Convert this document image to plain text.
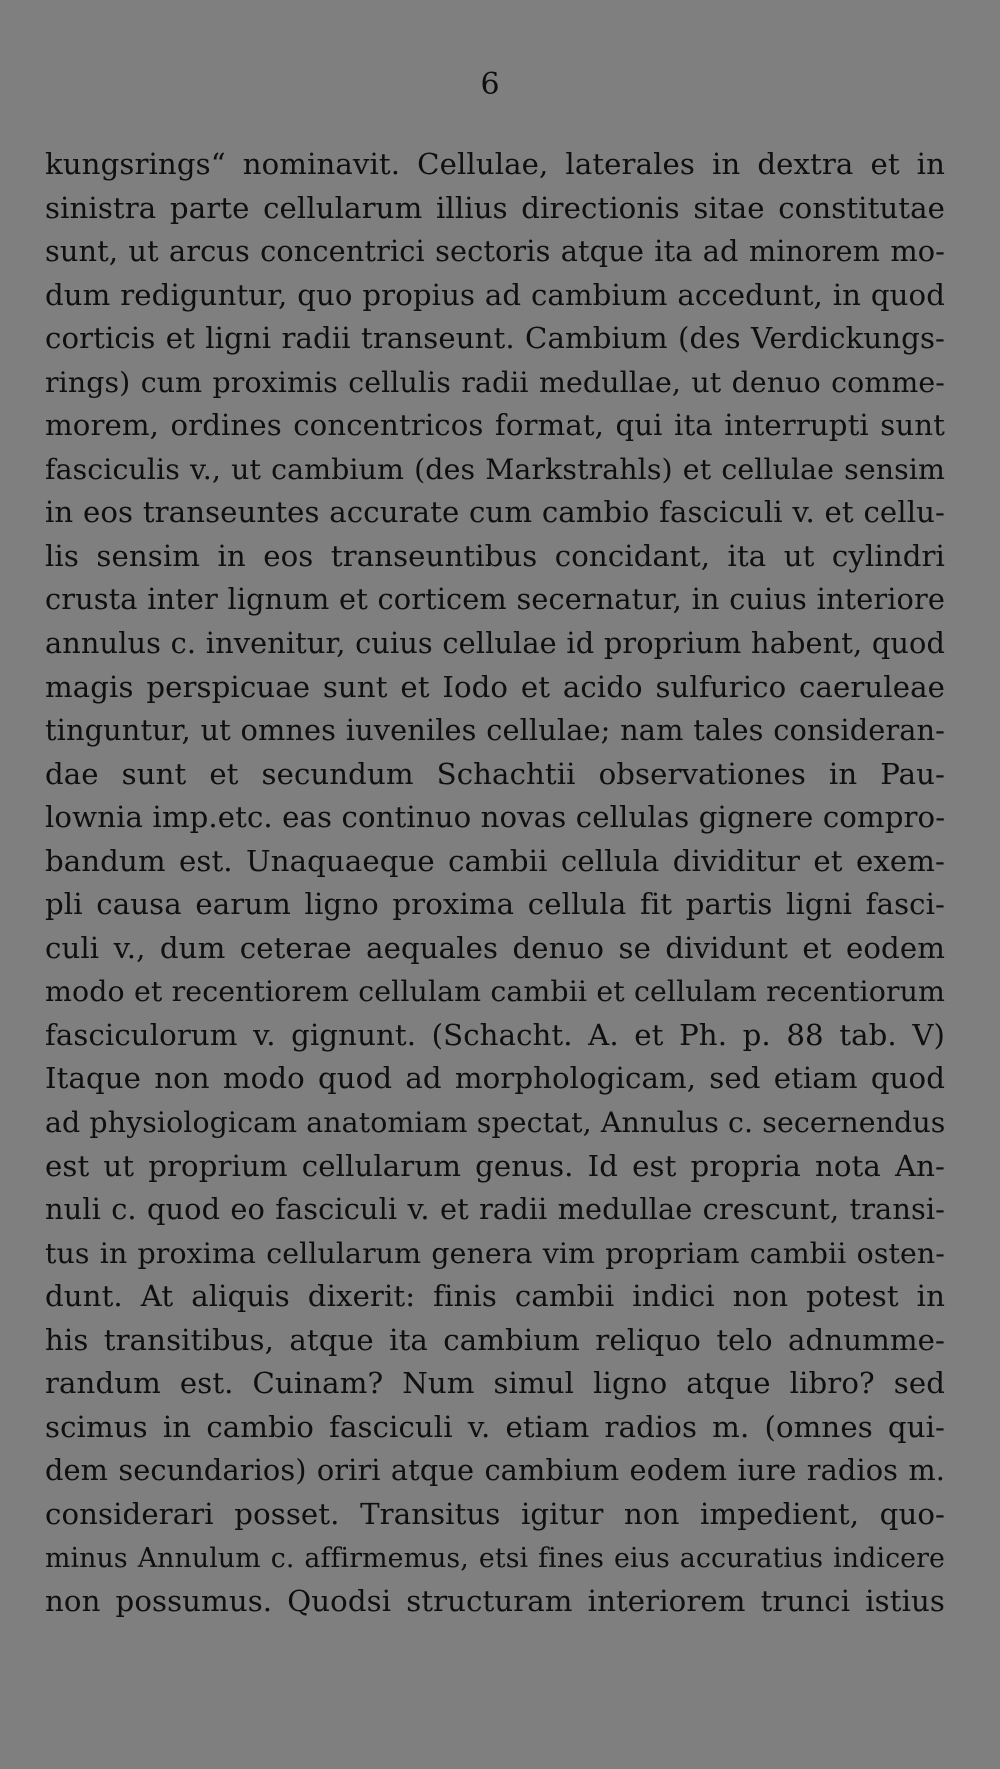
6
kungsrings“ nominavit. Cellulae, laterales in dextra et in
sinistra parte cellularum illius directionis sitae constitutae
sunt, ut arcus concentrici sectoris atque ita ad minorem mo-
dum rediguntur, quo propius ad cambium accedunt, in quod
corticis et ligni radii transeunt. Cambium (des Verdickungs-
rings) cum proximis cellulis radii medullae, ut denuo comme-
morem, ordines concentricos format, qui ita interrupti sunt
fasciculis v., ut cambium (des Markstrahls) et cellulae sensim
in eos transeuntes accurate cum cambio fasciculi v. et cellu-
lis sensim in eos transeuntibus concidant, ita ut cylindri
crusta inter lignum et corticem secernatur, in cuius interiore
annulus c. invenitur, cuius cellulae id proprium habent, quod
magis perspicuae sunt et Iodo et acido sulfurico caeruleae
tinguntur, ut omnes iuveniles cellulae; nam tales consideran-
dae sunt et secundum Schachtii observationes in Pau-
lownia imp.etc. eas continuo novas cellulas gignere compro-
bandum est. Unaquaeque cambii cellula dividitur et exem-
pli causa earum ligno proxima cellula fit partis ligni fasci-
culi v., dum ceterae aequales denuo se dividunt et eodem
modo et recentiorem cellulam cambii et cellulam recentiorum
fasciculorum v. gignunt. (Schacht. A. et Ph. p. 88 tab. V)
Itaque non modo quod ad morphologicam, sed etiam quod
ad physiologicam anatomiam spectat, Annulus c. secernendus
est ut proprium cellularum genus. Id est propria nota An-
nuli c. quod eo fasciculi v. et radii medullae crescunt, transi-
tus in proxima cellularum genera vim propriam cambii osten-
dunt. At aliquis dixerit: finis cambii indici non potest in
his transitibus, atque ita cambium reliquo telo adnumme-
randum est. Cuinam? Num simul ligno atque libro? sed
scimus in cambio fasciculi v. etiam radios m. (omnes qui-
dem secundarios) oriri atque cambium eodem iure radios m.
considerari posset. Transitus igitur non impedient, quo-
minus Annulum c. affirmemus, etsi fines eius accuratius indicere
non possumus. Quodsi structuram interiorem trunci istius
